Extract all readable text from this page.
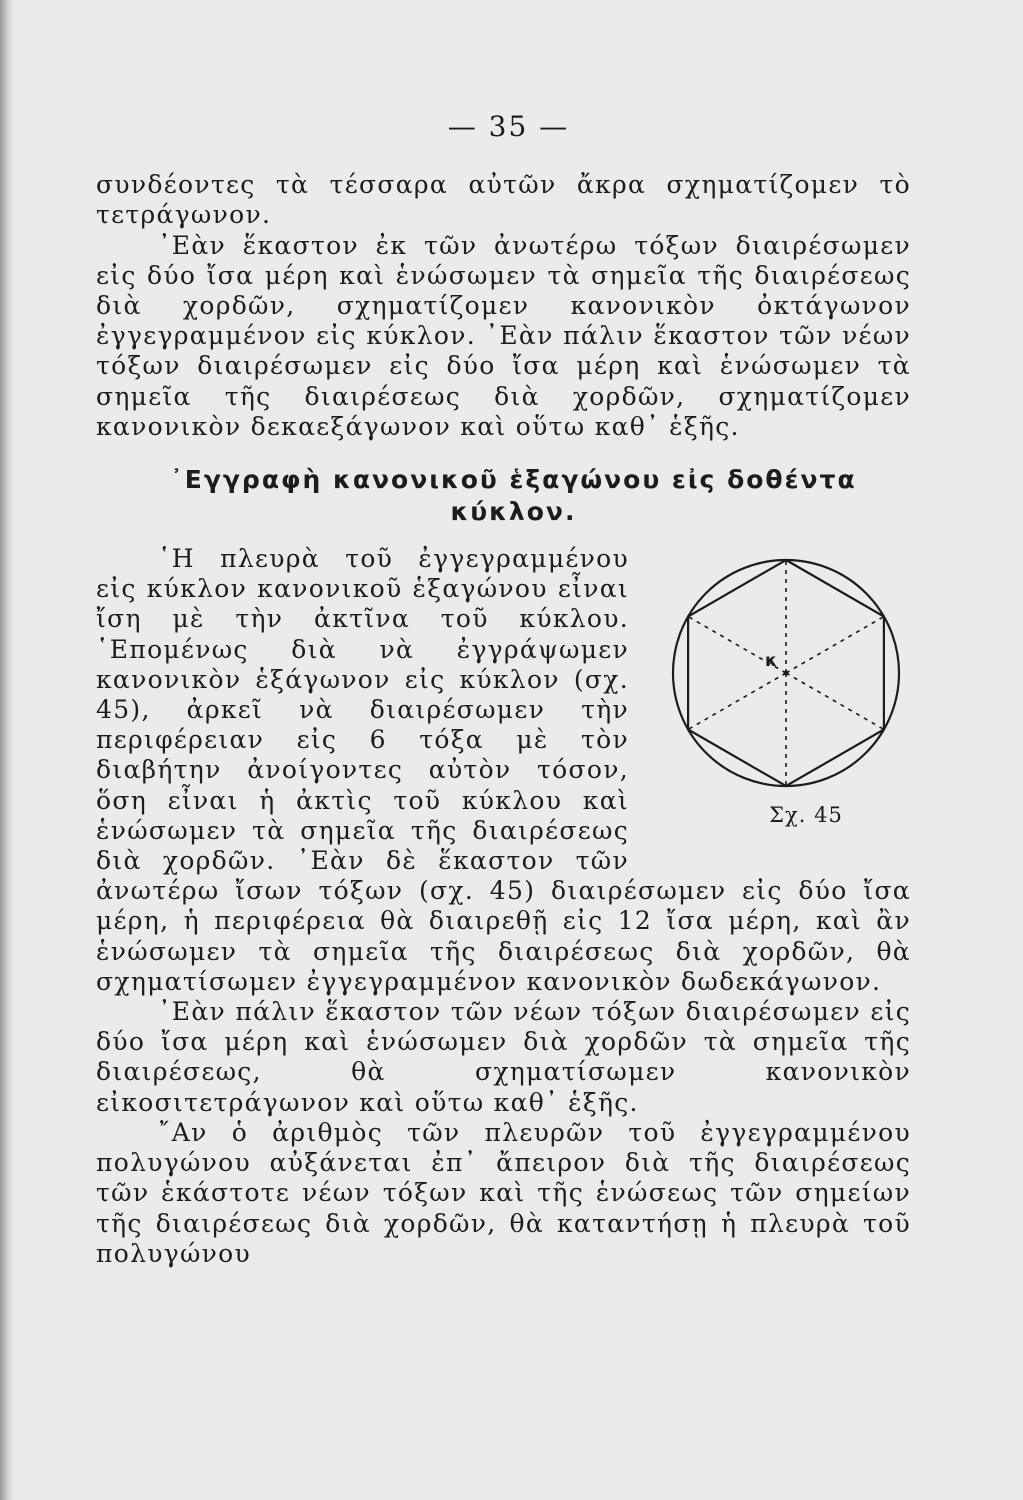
— 35 —

συνδέοντες τὰ τέσσαρα αὐτῶν ἄκρα σχηματίζομεν τὸ τετράγωνον.

᾿Εὰν ἕκαστον ἐκ τῶν ἀνωτέρω τόξων διαιρέσωμεν εἰς δύο ἴσα μέρη καὶ ἑνώσωμεν τὰ σημεῖα τῆς διαιρέσεως διὰ χορδῶν, σχηματίζομεν κανονικὸν ὀκτάγωνον ἐγγεγραμμένον εἰς κύκλον. ᾿Εὰν πάλιν ἕκαστον τῶν νέων τόξων διαιρέσωμεν εἰς δύο ἴσα μέρη καὶ ἑνώσωμεν τὰ σημεῖα τῆς διαιρέσεως διὰ χορδῶν, σχηματίζομεν κανονικὸν δεκαεξάγωνον καὶ οὕτω καθ᾿ ἑξῆς.

᾿Εγγραφὴ κανονικοῦ ἑξαγώνου εἰς δοθέντα κύκλον.
κ
Σχ. 45

῾Η πλευρὰ τοῦ ἐγγεγραμμένου εἰς κύκλον κανονικοῦ ἑξαγώνου εἶναι ἴση μὲ τὴν ἀκτῖνα τοῦ κύκλου. ῾Επομένως διὰ νὰ ἐγγράψωμεν κανονικὸν ἑξάγωνον εἰς κύκλον (σχ. 45), ἀρκεῖ νὰ διαιρέσωμεν τὴν περιφέρειαν εἰς 6 τόξα μὲ τὸν διαβήτην ἀνοίγοντες αὐτὸν τόσον, ὅση εἶναι ἡ ἀκτὶς τοῦ κύκλου καὶ ἑνώσωμεν τὰ σημεῖα τῆς διαιρέσεως διὰ χορδῶν. ᾿Εὰν δὲ ἕκαστον τῶν ἀνωτέρω ἴσων τόξων (σχ. 45) διαιρέσωμεν εἰς δύο ἴσα μέρη, ἡ περιφέρεια θὰ διαιρεθῇ εἰς 12 ἴσα μέρη, καὶ ἂν ἑνώσωμεν τὰ σημεῖα τῆς διαιρέσεως διὰ χορδῶν, θὰ σχηματίσωμεν ἐγγεγραμμένον κανονικὸν δωδεκάγωνον.

᾿Εὰν πάλιν ἕκαστον τῶν νέων τόξων διαιρέσωμεν εἰς δύο ἴσα μέρη καὶ ἑνώσωμεν διὰ χορδῶν τὰ σημεῖα τῆς διαιρέσεως, θὰ σχηματίσωμεν κανονικὸν εἰκοσιτετράγωνον καὶ οὕτω καθ᾿ ἑξῆς.

῎Αν ὁ ἀριθμὸς τῶν πλευρῶν τοῦ ἐγγεγραμμένου πολυγώνου αὐξάνεται ἐπ᾿ ἄπειρον διὰ τῆς διαιρέσεως τῶν ἑκάστοτε νέων τόξων καὶ τῆς ἑνώσεως τῶν σημείων τῆς διαιρέσεως διὰ χορδῶν, θὰ καταντήσῃ ἡ πλευρὰ τοῦ πολυγώνου
